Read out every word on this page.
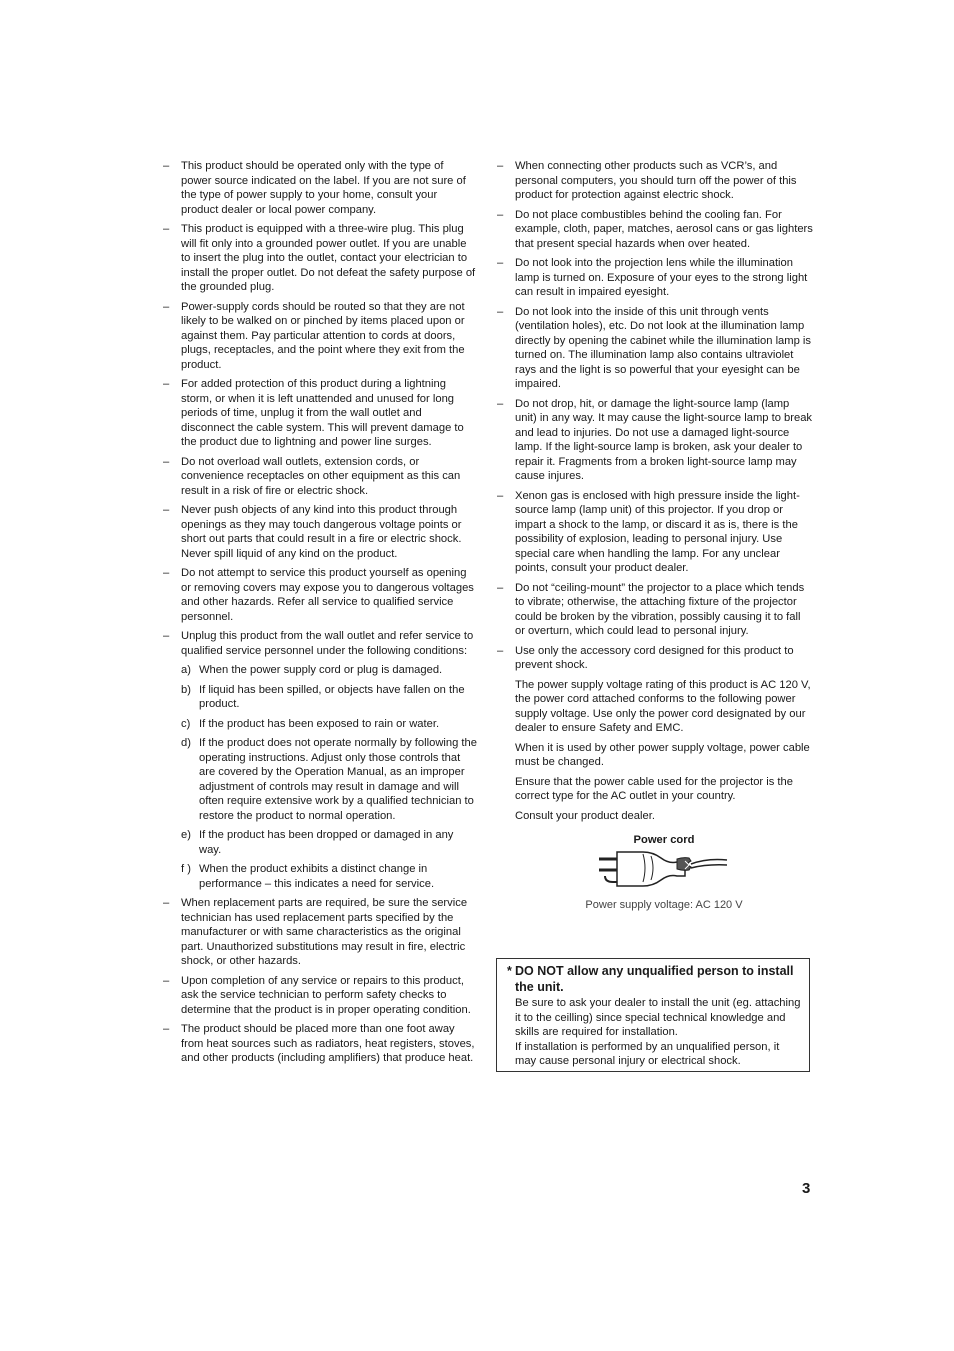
– This product should be operated only with the type of power source indicated on the label. If you are not sure of the type of power supply to your home, consult your product dealer or local power company.
– This product is equipped with a three-wire plug. This plug will fit only into a grounded power outlet. If you are unable to insert the plug into the outlet, contact your electrician to install the proper outlet. Do not defeat the safety purpose of the grounded plug.
– Power-supply cords should be routed so that they are not likely to be walked on or pinched by items placed upon or against them. Pay particular attention to cords at doors, plugs, receptacles, and the point where they exit from the product.
– For added protection of this product during a lightning storm, or when it is left unattended and unused for long periods of time, unplug it from the wall outlet and disconnect the cable system. This will prevent damage to the product due to lightning and power line surges.
– Do not overload wall outlets, extension cords, or convenience receptacles on other equipment as this can result in a risk of fire or electric shock.
– Never push objects of any kind into this product through openings as they may touch dangerous voltage points or short out parts that could result in a fire or electric shock. Never spill liquid of any kind on the product.
– Do not attempt to service this product yourself as opening or removing covers may expose you to dangerous voltages and other hazards. Refer all service to qualified service personnel.
– Unplug this product from the wall outlet and refer service to qualified service personnel under the following conditions:
a) When the power supply cord or plug is damaged.
b) If liquid has been spilled, or objects have fallen on the product.
c) If the product has been exposed to rain or water.
d) If the product does not operate normally by following the operating instructions. Adjust only those controls that are covered by the Operation Manual, as an improper adjustment of controls may result in damage and will often require extensive work by a qualified technician to restore the product to normal operation.
e) If the product has been dropped or damaged in any way.
f ) When the product exhibits a distinct change in performance – this indicates a need for service.
– When replacement parts are required, be sure the service technician has used replacement parts specified by the manufacturer or with same characteristics as the original part. Unauthorized substitutions may result in fire, electric shock, or other hazards.
– Upon completion of any service or repairs to this product, ask the service technician to perform safety checks to determine that the product is in proper operating condition.
– The product should be placed more than one foot away from heat sources such as radiators, heat registers, stoves, and other products (including amplifiers) that produce heat.
– When connecting other products such as VCR’s, and personal computers, you should turn off the power of this product for protection against electric shock.
– Do not place combustibles behind the cooling fan. For example, cloth, paper, matches, aerosol cans or gas lighters that present special hazards when over heated.
– Do not look into the projection lens while the illumination lamp is turned on. Exposure of your eyes to the strong light can result in impaired eyesight.
– Do not look into the inside of this unit through vents (ventilation holes), etc. Do not look at the illumination lamp directly by opening the cabinet while the illumination lamp is turned on. The illumination lamp also contains ultraviolet rays and the light is so powerful that your eyesight can be impaired.
– Do not drop, hit, or damage the light-source lamp (lamp unit) in any way. It may cause the light-source lamp to break and lead to injuries. Do not use a damaged light-source lamp. If the light-source lamp is broken, ask your dealer to repair it. Fragments from a broken light-source lamp may cause injures.
– Xenon gas is enclosed with high pressure inside the light-source lamp (lamp unit) of this projector. If you drop or impart a shock to the lamp, or discard it as is, there is the possibility of explosion, leading to personal injury. Use special care when handling the lamp. For any unclear points, consult your product dealer.
– Do not “ceiling-mount” the projector to a place which tends to vibrate; otherwise, the attaching fixture of the projector could be broken by the vibration, possibly causing it to fall or overturn, which could lead to personal injury.
– Use only the accessory cord designed for this product to prevent shock.
The power supply voltage rating of this product is AC 120 V, the power cord attached conforms to the following power supply voltage. Use only the power cord designated by our dealer to ensure Safety and EMC.
When it is used by other power supply voltage, power cable must be changed.
Ensure that the power cable used for the projector is the correct type for the AC outlet in your country.
Consult your product dealer.
Power cord
Power supply voltage: AC 120 V
* DO NOT allow any unqualified person to install the unit.
Be sure to ask your dealer to install the unit (eg. attaching it to the ceilling) since special technical knowledge and skills are required for installation.
If installation is performed by an unqualified person, it may cause personal injury or electrical shock.
3
